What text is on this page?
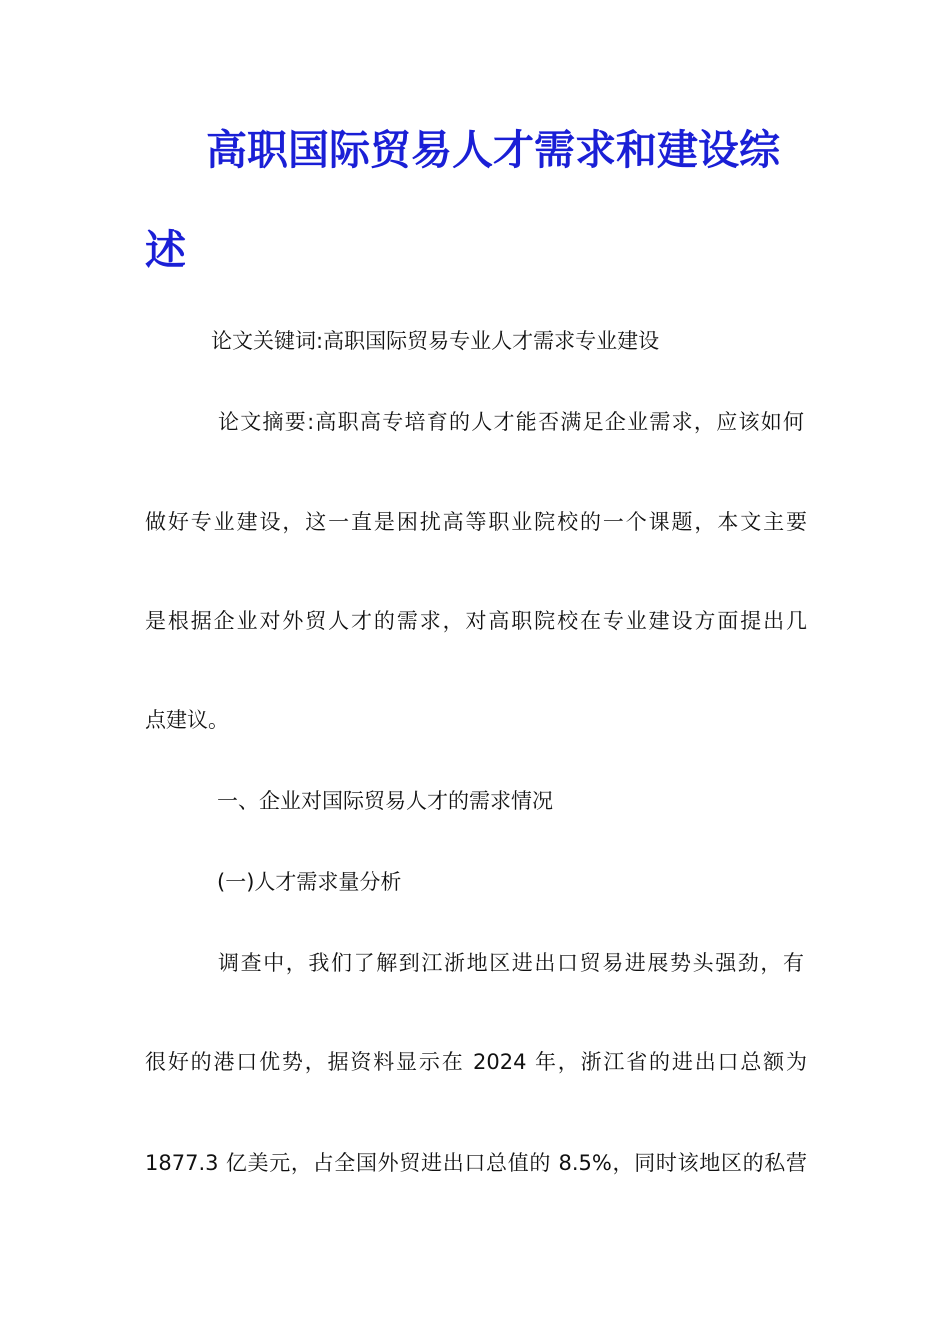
高职国际贸易人才需求和建设综
述
论文关键词:高职国际贸易专业人才需求专业建设
论文摘要:高职高专培育的人才能否满足企业需求，应该如何
做好专业建设，这一直是困扰高等职业院校的一个课题，本文主要
是根据企业对外贸人才的需求，对高职院校在专业建设方面提出几
点建议。
一、企业对国际贸易人才的需求情况
(一)人才需求量分析
调查中，我们了解到江浙地区进出口贸易进展势头强劲，有
很好的港口优势，据资料显示在 2024 年，浙江省的进出口总额为
1877.3 亿美元，占全国外贸进出口总值的 8.5%，同时该地区的私营
